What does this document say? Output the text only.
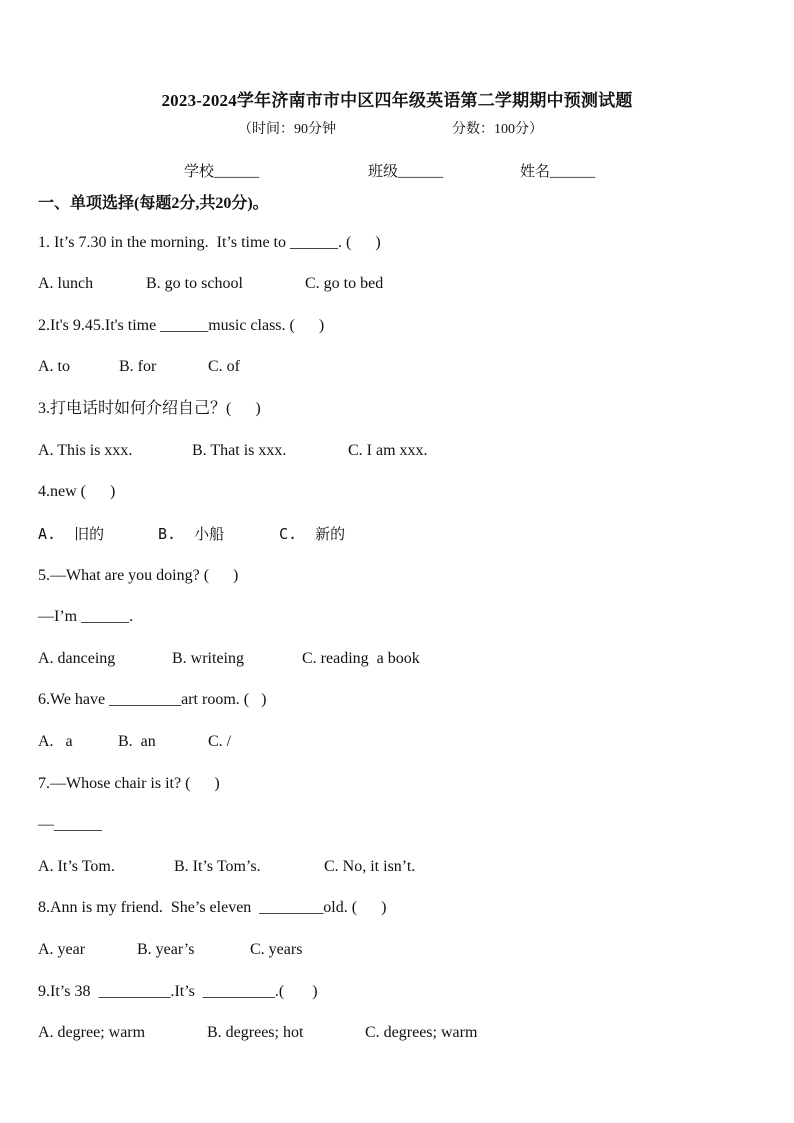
2023-2024学年济南市市中区四年级英语第二学期期中预测试题
（时间：90分钟	分数：100分）
学校______	班级______	姓名______
一、单项选择(每题2分,共20分)。
1. It’s 7.30 in the morning.  It’s time to ______. (      )
A. lunch	B. go to school	C. go to bed
2.It's 9.45.It's time ______music class. (      )
A. to	B. for	C. of
3.打电话时如何介绍自己？(      )
A. This is xxx.	B. That is xxx.	C. I am xxx.
4.new (      )
A.  旧的	B.  小船	C.  新的
5.—What are you doing? (      )
—I’m ______.
A. danceing	B. writeing	C. reading  a book
6.We have _________art room. (   )
A.   a	B.  an	C. /
7.—Whose chair is it? (      )
—______
A. It’s Tom.	B. It’s Tom’s.	C. No, it isn’t.
8.Ann is my friend.  She’s eleven  ________old. (      )
A. year	B. year’s	C. years
9.It’s 38  _________.It’s  _________.(       )
A. degree; warm	B. degrees; hot	C. degrees; warm
